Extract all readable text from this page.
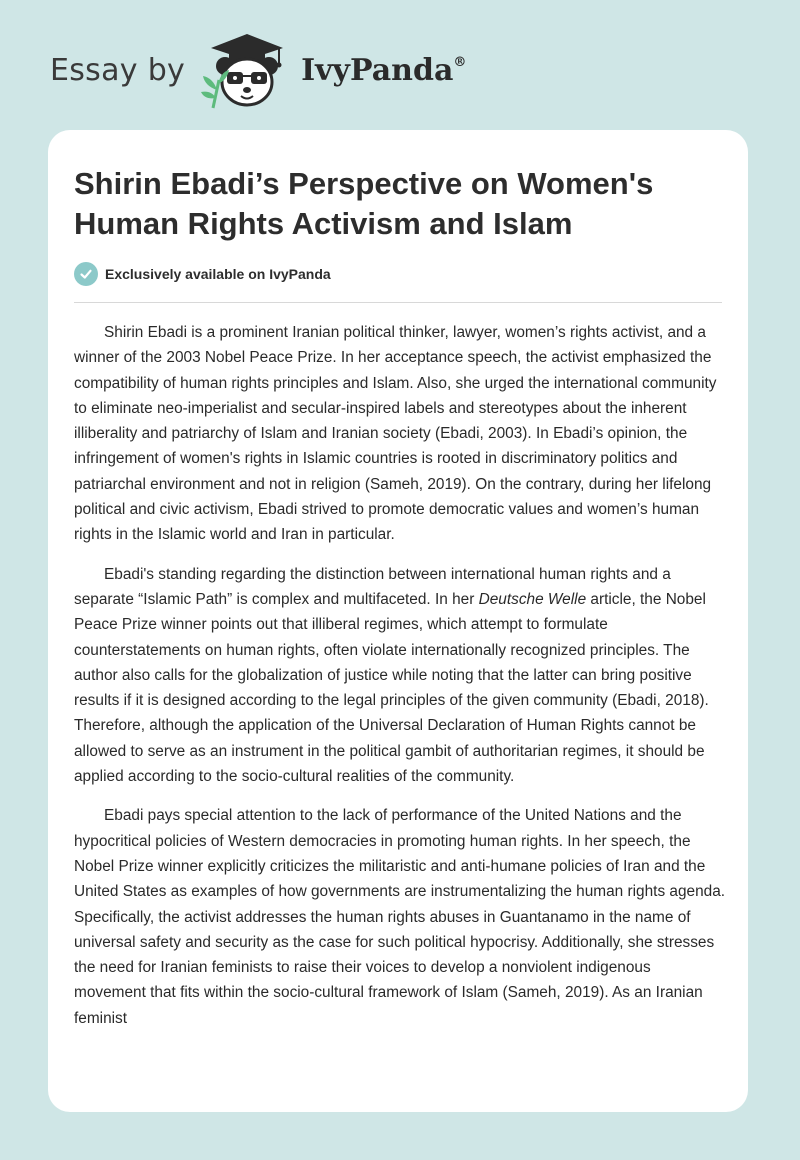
Essay by	IvyPanda®
Shirin Ebadi’s Perspective on Women's Human Rights Activism and Islam
Exclusively available on IvyPanda

Shirin Ebadi is a prominent Iranian political thinker, lawyer, women’s rights activist, and a winner of the 2003 Nobel Peace Prize. In her acceptance speech, the activist emphasized the compatibility of human rights principles and Islam. Also, she urged the international community to eliminate neo-imperialist and secular-inspired labels and stereotypes about the inherent illiberality and patriarchy of Islam and Iranian society (Ebadi, 2003). In Ebadi’s opinion, the infringement of women's rights in Islamic countries is rooted in discriminatory politics and patriarchal environment and not in religion (Sameh, 2019). On the contrary, during her lifelong political and civic activism, Ebadi strived to promote democratic values and women’s human rights in the Islamic world and Iran in particular.

Ebadi's standing regarding the distinction between international human rights and a separate “Islamic Path” is complex and multifaceted. In her Deutsche Welle article, the Nobel Peace Prize winner points out that illiberal regimes, which attempt to formulate counterstatements on human rights, often violate internationally recognized principles. The author also calls for the globalization of justice while noting that the latter can bring positive results if it is designed according to the legal principles of the given community (Ebadi, 2018). Therefore, although the application of the Universal Declaration of Human Rights cannot be allowed to serve as an instrument in the political gambit of authoritarian regimes, it should be applied according to the socio-cultural realities of the community.

Ebadi pays special attention to the lack of performance of the United Nations and the hypocritical policies of Western democracies in promoting human rights. In her speech, the Nobel Prize winner explicitly criticizes the militaristic and anti-humane policies of Iran and the United States as examples of how governments are instrumentalizing the human rights agenda. Specifically, the activist addresses the human rights abuses in Guantanamo in the name of universal safety and security as the case for such political hypocrisy. Additionally, she stresses the need for Iranian feminists to raise their voices to develop a nonviolent indigenous movement that fits within the socio-cultural framework of Islam (Sameh, 2019). As an Iranian feminist
